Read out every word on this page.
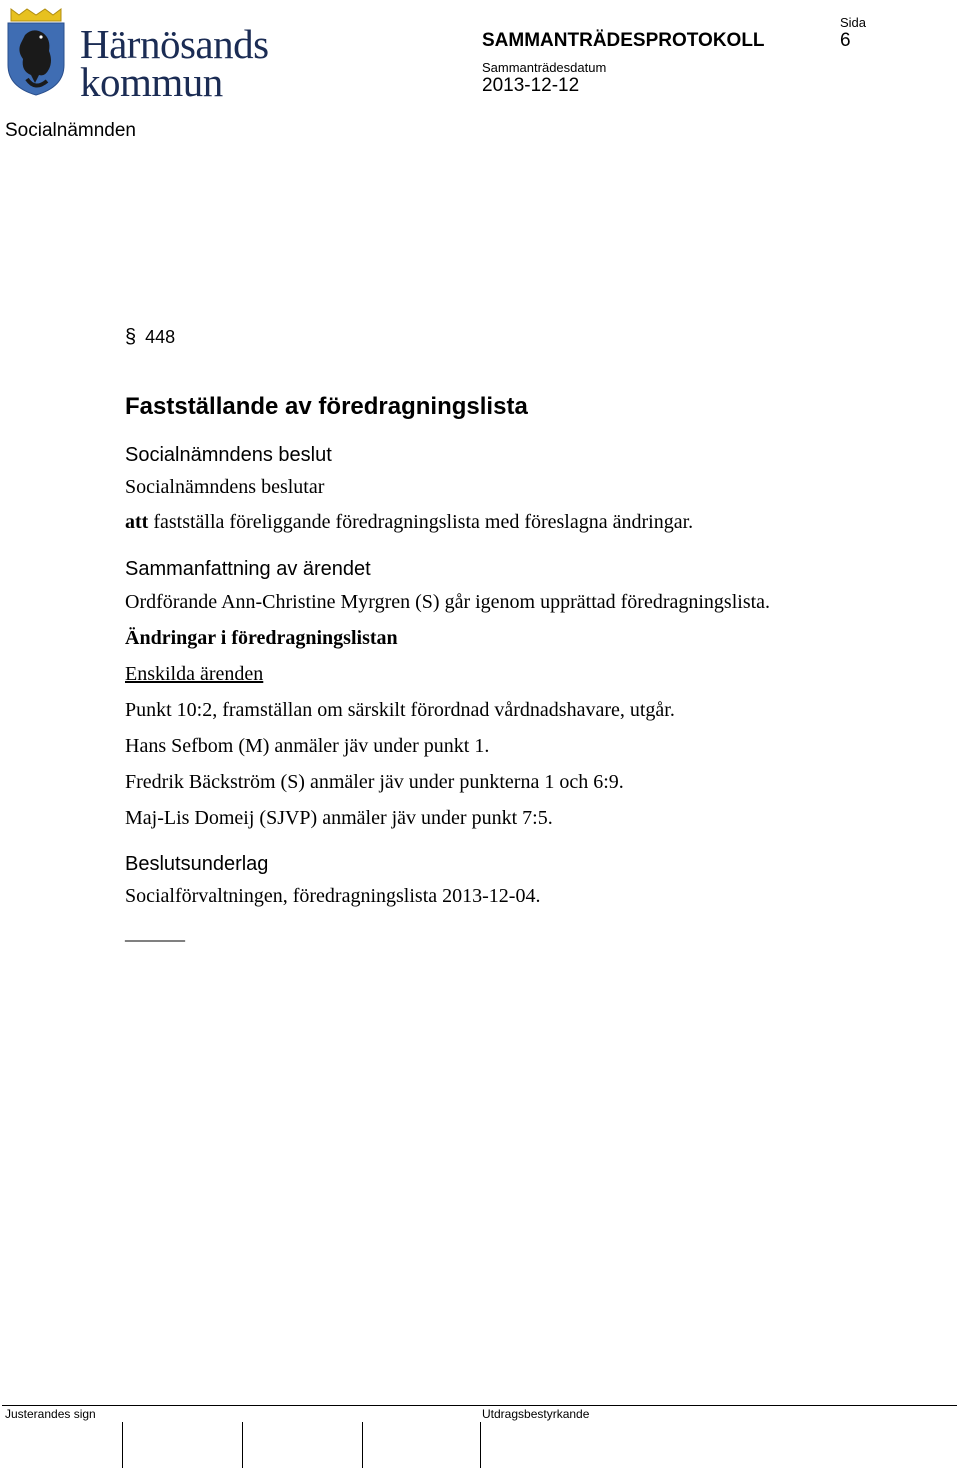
Härnösands
kommun
SAMMANTRÄDESPROTOKOLL
Sammanträdesdatum
2013-12-12
Sida
6
Socialnämnden
§ 448
Fastställande av föredragningslista
Socialnämndens beslut
Socialnämndens beslutar
att fastställa föreliggande föredragningslista med föreslagna ändringar.
Sammanfattning av ärendet
Ordförande Ann-Christine Myrgren (S) går igenom upprättad föredragningslista.
Ändringar i föredragningslistan
Enskilda ärenden
Punkt 10:2, framställan om särskilt förordnad vårdnadshavare, utgår.
Hans Sefbom (M) anmäler jäv under punkt 1.
Fredrik Bäckström (S) anmäler jäv under punkterna 1 och 6:9.
Maj-Lis Domeij (SJVP) anmäler jäv under punkt 7:5.
Beslutsunderlag
Socialförvaltningen, föredragningslista 2013-12-04.
______
Justerandes sign	Utdragsbestyrkande
